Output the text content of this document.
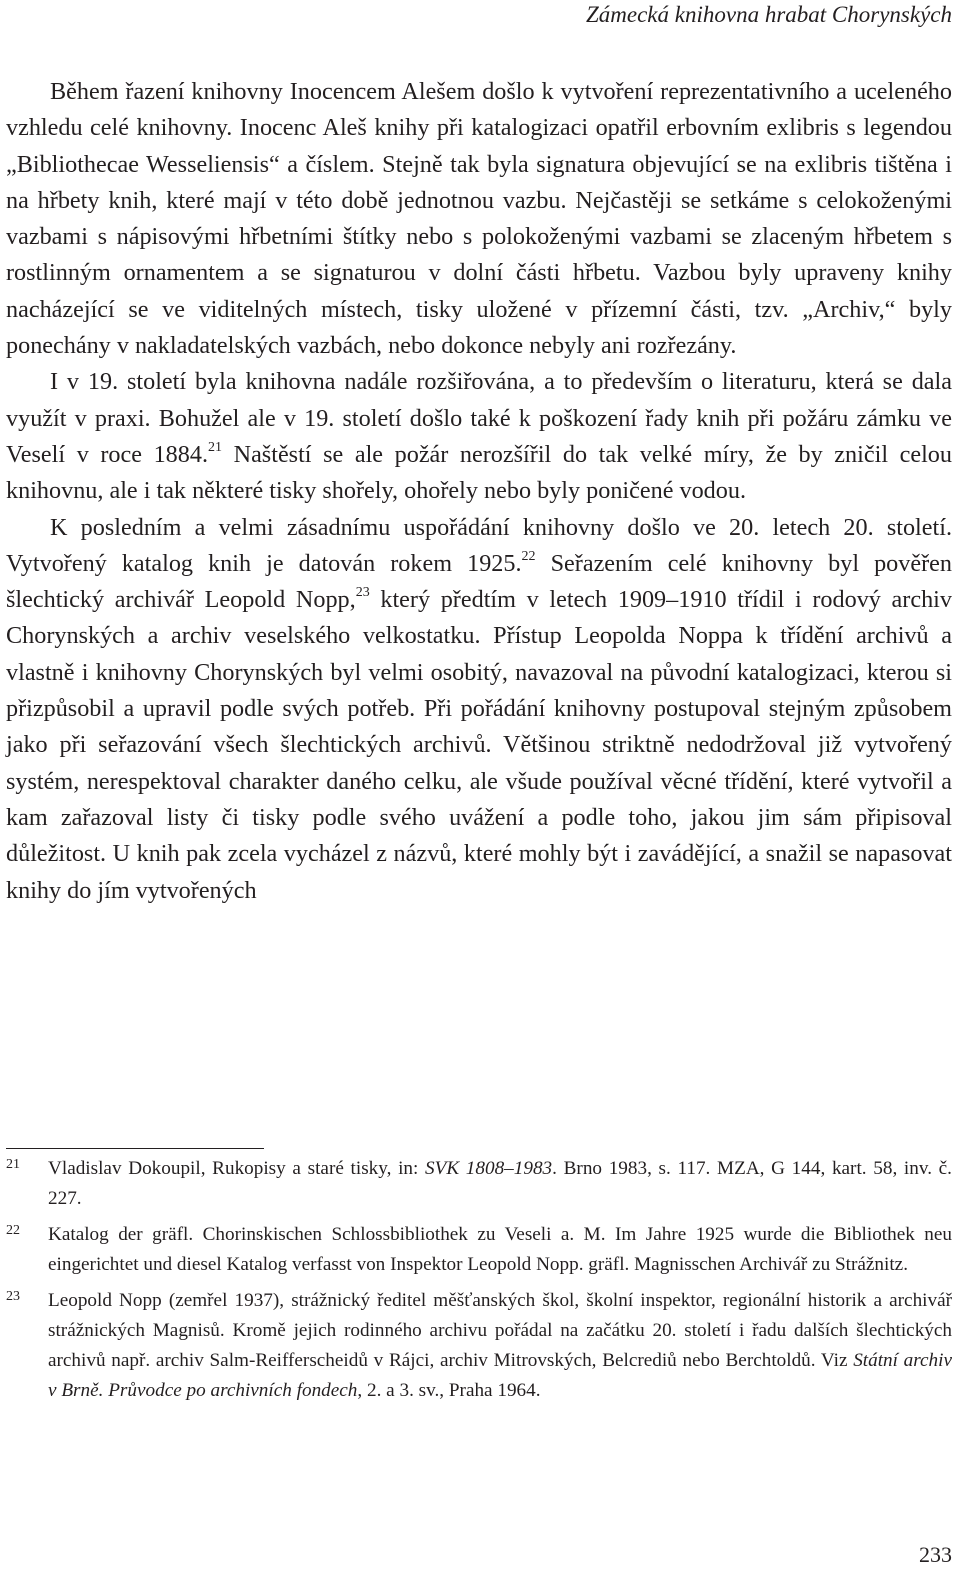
Zámecká knihovna hrabat Chorynských

Během řazení knihovny Inocencem Alešem došlo k vytvoření reprezentativního a uceleného vzhledu celé knihovny. Inocenc Aleš knihy při katalogizaci opatřil erbovním exlibris s legendou „Bibliothecae Wesseliensis“ a číslem. Stejně tak byla signatura objevující se na exlibris tištěna i na hřbety knih, které mají v této době jednotnou vazbu. Nejčastěji se setkáme s celokoženými vazbami s nápisovými hřbetními štítky nebo s polokoženými vazbami se zlaceným hřbetem s rostlinným ornamentem a se signaturou v dolní části hřbetu. Vazbou byly upraveny knihy nacházející se ve viditelných místech, tisky uložené v přízemní části, tzv. „Archiv,“ byly ponechány v nakladatelských vazbách, nebo dokonce nebyly ani rozřezány.

I v 19. století byla knihovna nadále rozšiřována, a to především o literaturu, která se dala využít v praxi. Bohužel ale v 19. století došlo také k poškození řady knih při požáru zámku ve Veselí v roce 1884.21 Naštěstí se ale požár nerozšířil do tak velké míry, že by zničil celou knihovnu, ale i tak některé tisky shořely, ohořely nebo byly poničené vodou.

K posledním a velmi zásadnímu uspořádání knihovny došlo ve 20. letech 20. století. Vytvořený katalog knih je datován rokem 1925.22 Seřazením celé knihovny byl pověřen šlechtický archivář Leopold Nopp,$^{23}$ který předtím v letech 1909–1910 třídil i rodový archiv Chorynských a archiv veselského velkostatku. Přístup Leopolda Noppa k třídění archivů a vlastně i knihovny Chorynských byl velmi osobitý, navazoval na původní katalogizaci, kterou si přizpůsobil a upravil podle svých potřeb. Při pořádání knihovny postupoval stejným způsobem jako při seřazování všech šlechtických archivů. Většinou striktně nedodržoval již vytvořený systém, nerespektoval charakter daného celku, ale všude používal věcné třídění, které vytvořil a kam zařazoval listy či tisky podle svého uvážení a podle toho, jakou jim sám připisoval důležitost. U knih pak zcela vycházel z názvů, které mohly být i zavádějící, a snažil se napasovat knihy do jím vytvořených

21 Vladislav Dokoupil, Rukopisy a staré tisky, in: SVK 1808–1983. Brno 1983, s. 117. MZA, G 144, kart. 58, inv. č. 227.
22 Katalog der gräfl. Chorinskischen Schlossbibliothek zu Veseli a. M. Im Jahre 1925 wurde die Bibliothek neu eingerichtet und diesel Katalog verfasst von Inspektor Leopold Nopp. gräfl. Magnisschen Archivář zu Strážnitz.
23 Leopold Nopp (zemřel 1937), strážnický ředitel měšťanských škol, školní inspektor, regionální historik a archivář strážnických Magnisů. Kromě jejich rodinného archivu pořádal na začátku 20. století i řadu dalších šlechtických archivů např. archiv Salm-Reifferscheidů v Rájci, archiv Mitrovských, Belcrediů nebo Berchtoldů. Viz Státní archiv v Brně. Průvodce po archivních fondech, 2. a 3. sv., Praha 1964.
233
